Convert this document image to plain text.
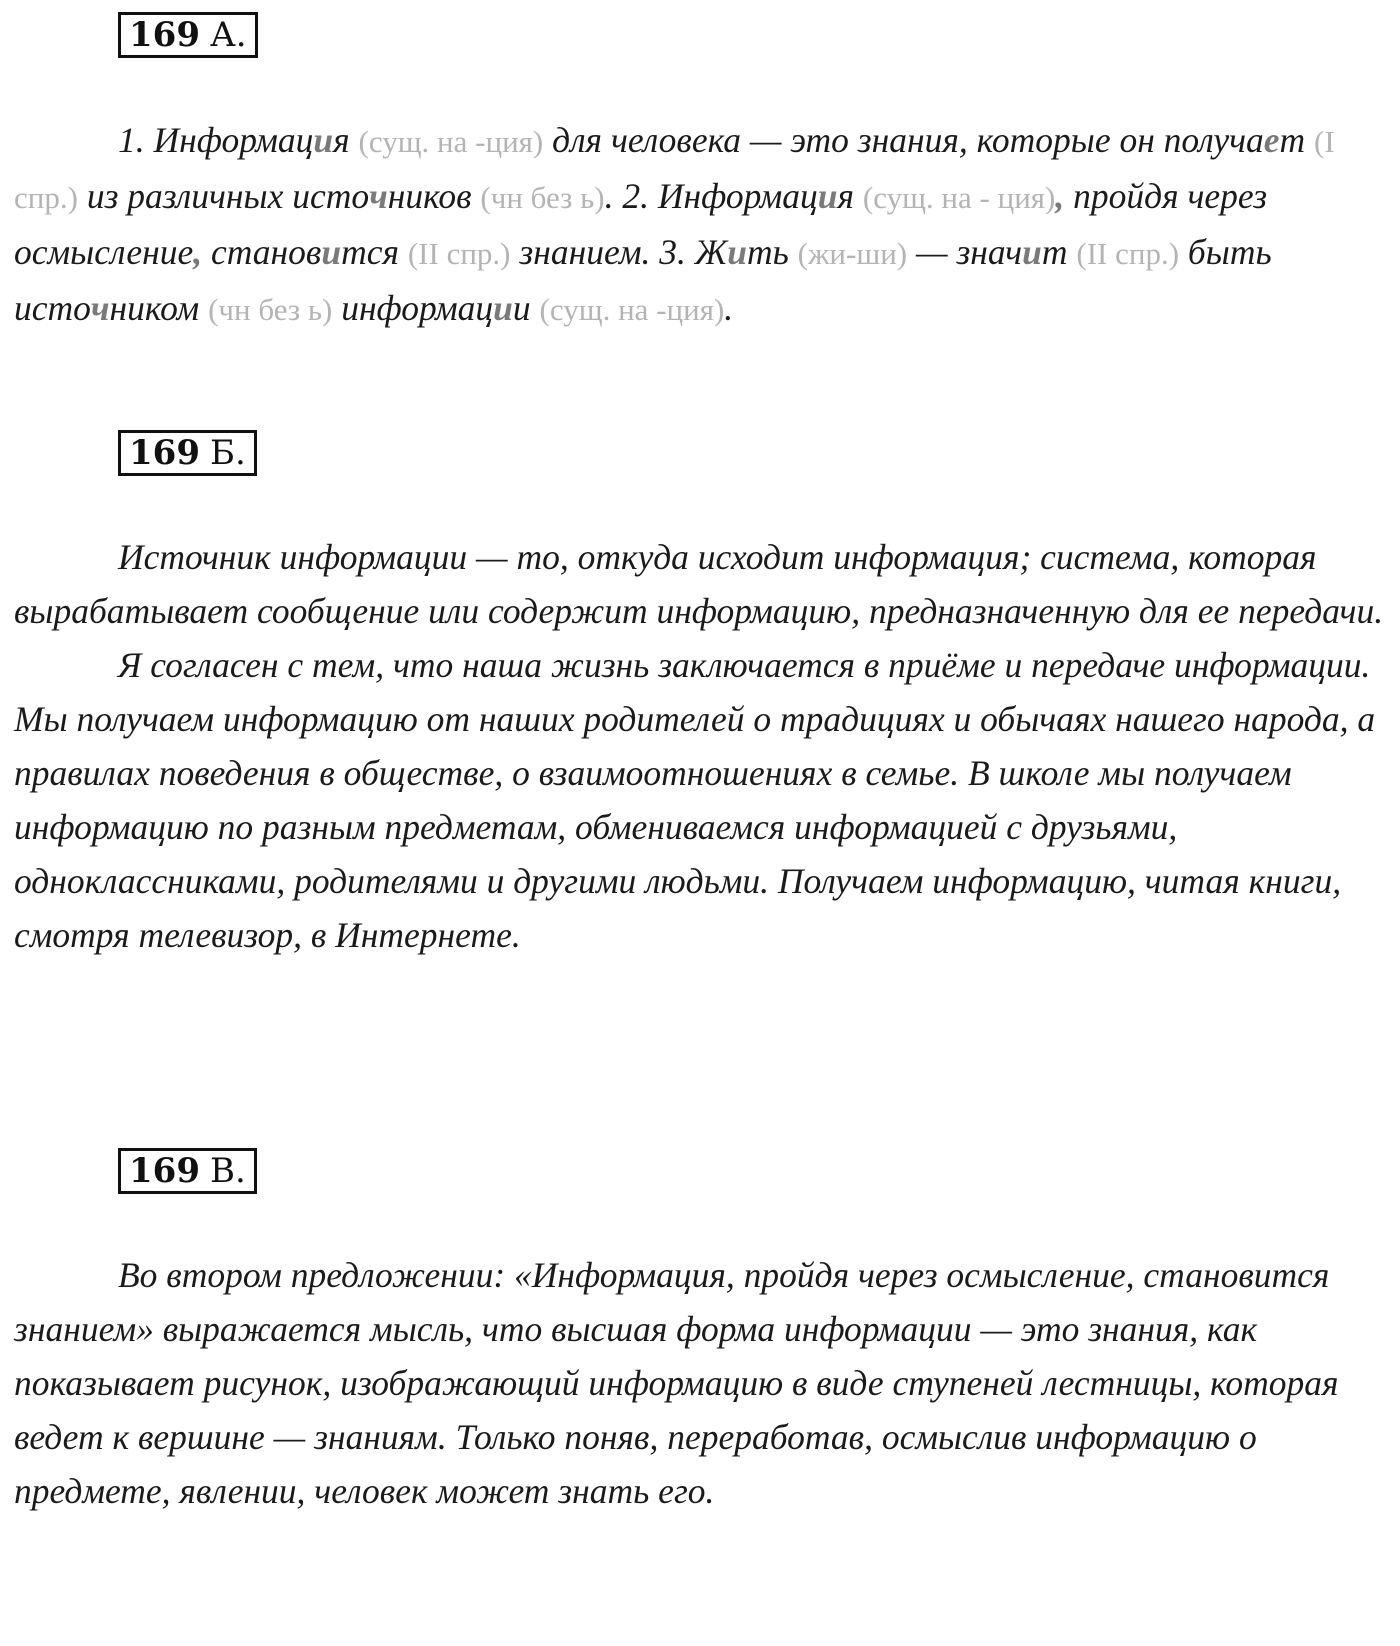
169 А.

1. Информация (сущ. на -ция) для человека — это знания, которые он получает (I спр.) из различных источников (чн без ь). 2. Информация (сущ. на - ция), пройдя через осмысление, становится (II спр.) знанием. 3. Жить (жи-ши) — значит (II спр.) быть источником (чн без ь) информации (сущ. на -ция).

169 Б.

Источник информации — то, откуда исходит информация; система, которая вырабатывает сообщение или содержит информацию, предназначенную для ее передачи.

Я согласен с тем, что наша жизнь заключается в приёме и передаче информации. Мы получаем информацию от наших родителей о традициях и обычаях нашего народа, а правилах поведения в обществе, о взаимоотношениях в семье. В школе мы получаем информацию по разным предметам, обмениваемся информацией с друзьями, одноклассниками, родителями и другими людьми. Получаем информацию, читая книги, смотря телевизор, в Интернете.

169 В.

Во втором предложении: «Информация, пройдя через осмысление, становится знанием» выражается мысль, что высшая форма информации — это знания, как показывает рисунок, изображающий информацию в виде ступеней лестницы, которая ведет к вершине — знаниям. Только поняв, переработав, осмыслив информацию о предмете, явлении, человек может знать его.
